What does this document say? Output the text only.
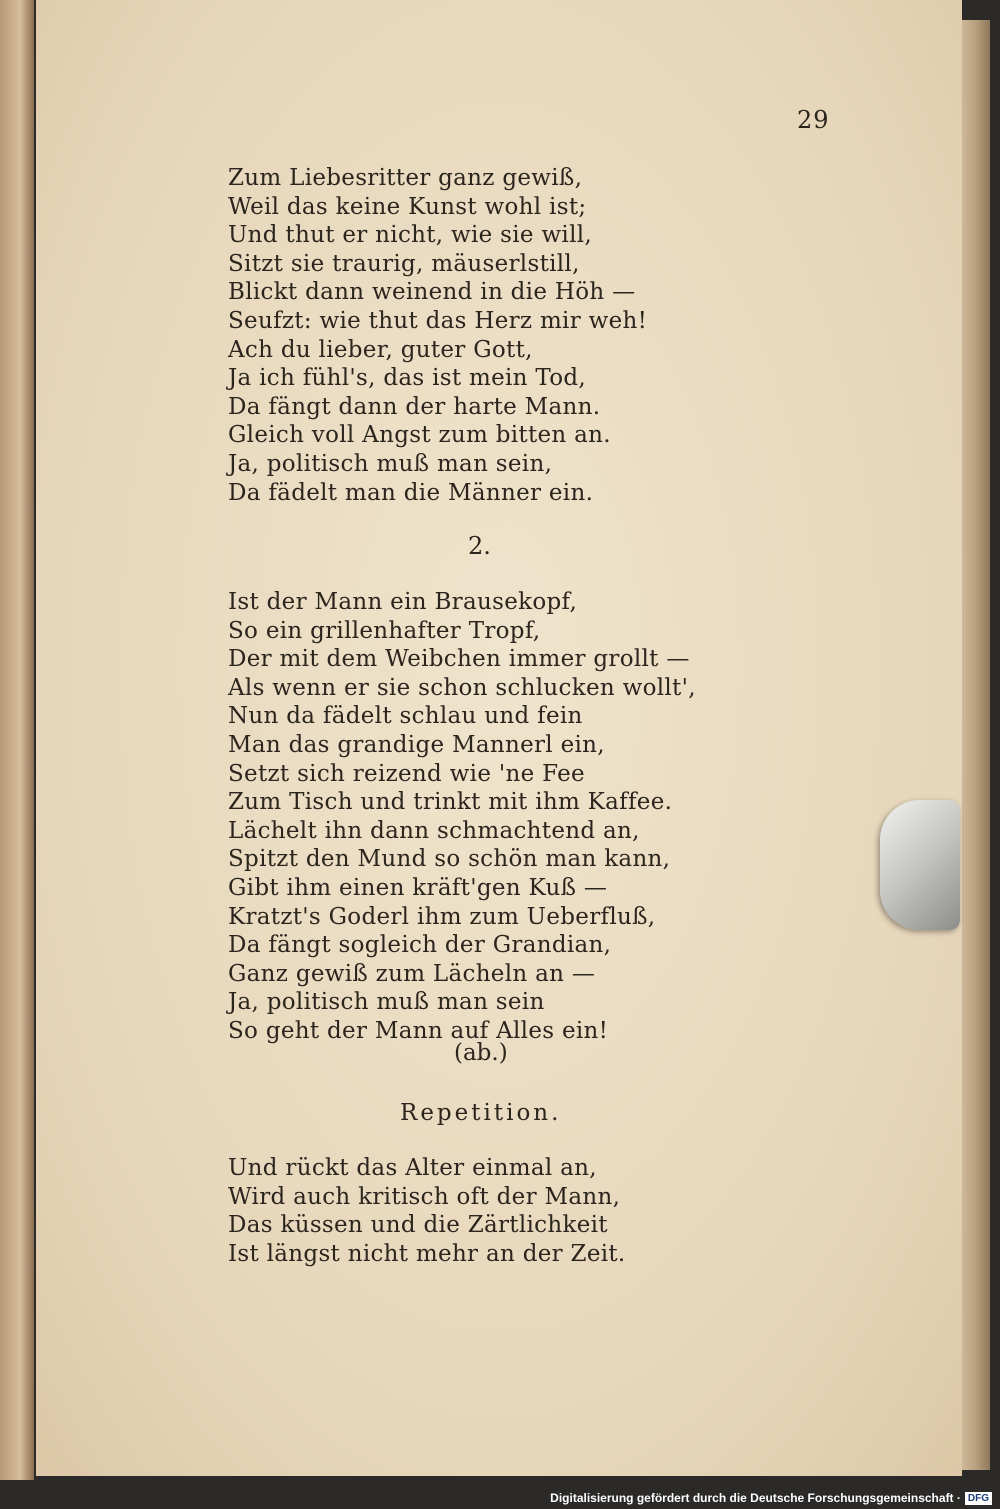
29
Zum Liebesritter ganz gewiß,
Weil das keine Kunst wohl ist;
Und thut er nicht, wie sie will,
Sitzt sie traurig, mäuserlstill,
Blickt dann weinend in die Höh —
Seufzt: wie thut das Herz mir weh!
Ach du lieber, guter Gott,
Ja ich fühl's, das ist mein Tod,
Da fängt dann der harte Mann.
Gleich voll Angst zum bitten an.
Ja, politisch muß man sein,
Da fädelt man die Männer ein.
2.
Ist der Mann ein Brausekopf,
So ein grillenhafter Tropf,
Der mit dem Weibchen immer grollt —
Als wenn er sie schon schlucken wollt',
Nun da fädelt schlau und fein
Man das grandige Mannerl ein,
Setzt sich reizend wie 'ne Fee
Zum Tisch und trinkt mit ihm Kaffee.
Lächelt ihn dann schmachtend an,
Spitzt den Mund so schön man kann,
Gibt ihm einen kräft'gen Kuß —
Kratzt's Goderl ihm zum Ueberfluß,
Da fängt sogleich der Grandian,
Ganz gewiß zum Lächeln an —
Ja, politisch muß man sein
So geht der Mann auf Alles ein!
(ab.)
Repetition.
Und rückt das Alter einmal an,
Wird auch kritisch oft der Mann,
Das küssen und die Zärtlichkeit
Ist längst nicht mehr an der Zeit.
Digitalisierung gefördert durch die Deutsche Forschungsgemeinschaft · DFG
